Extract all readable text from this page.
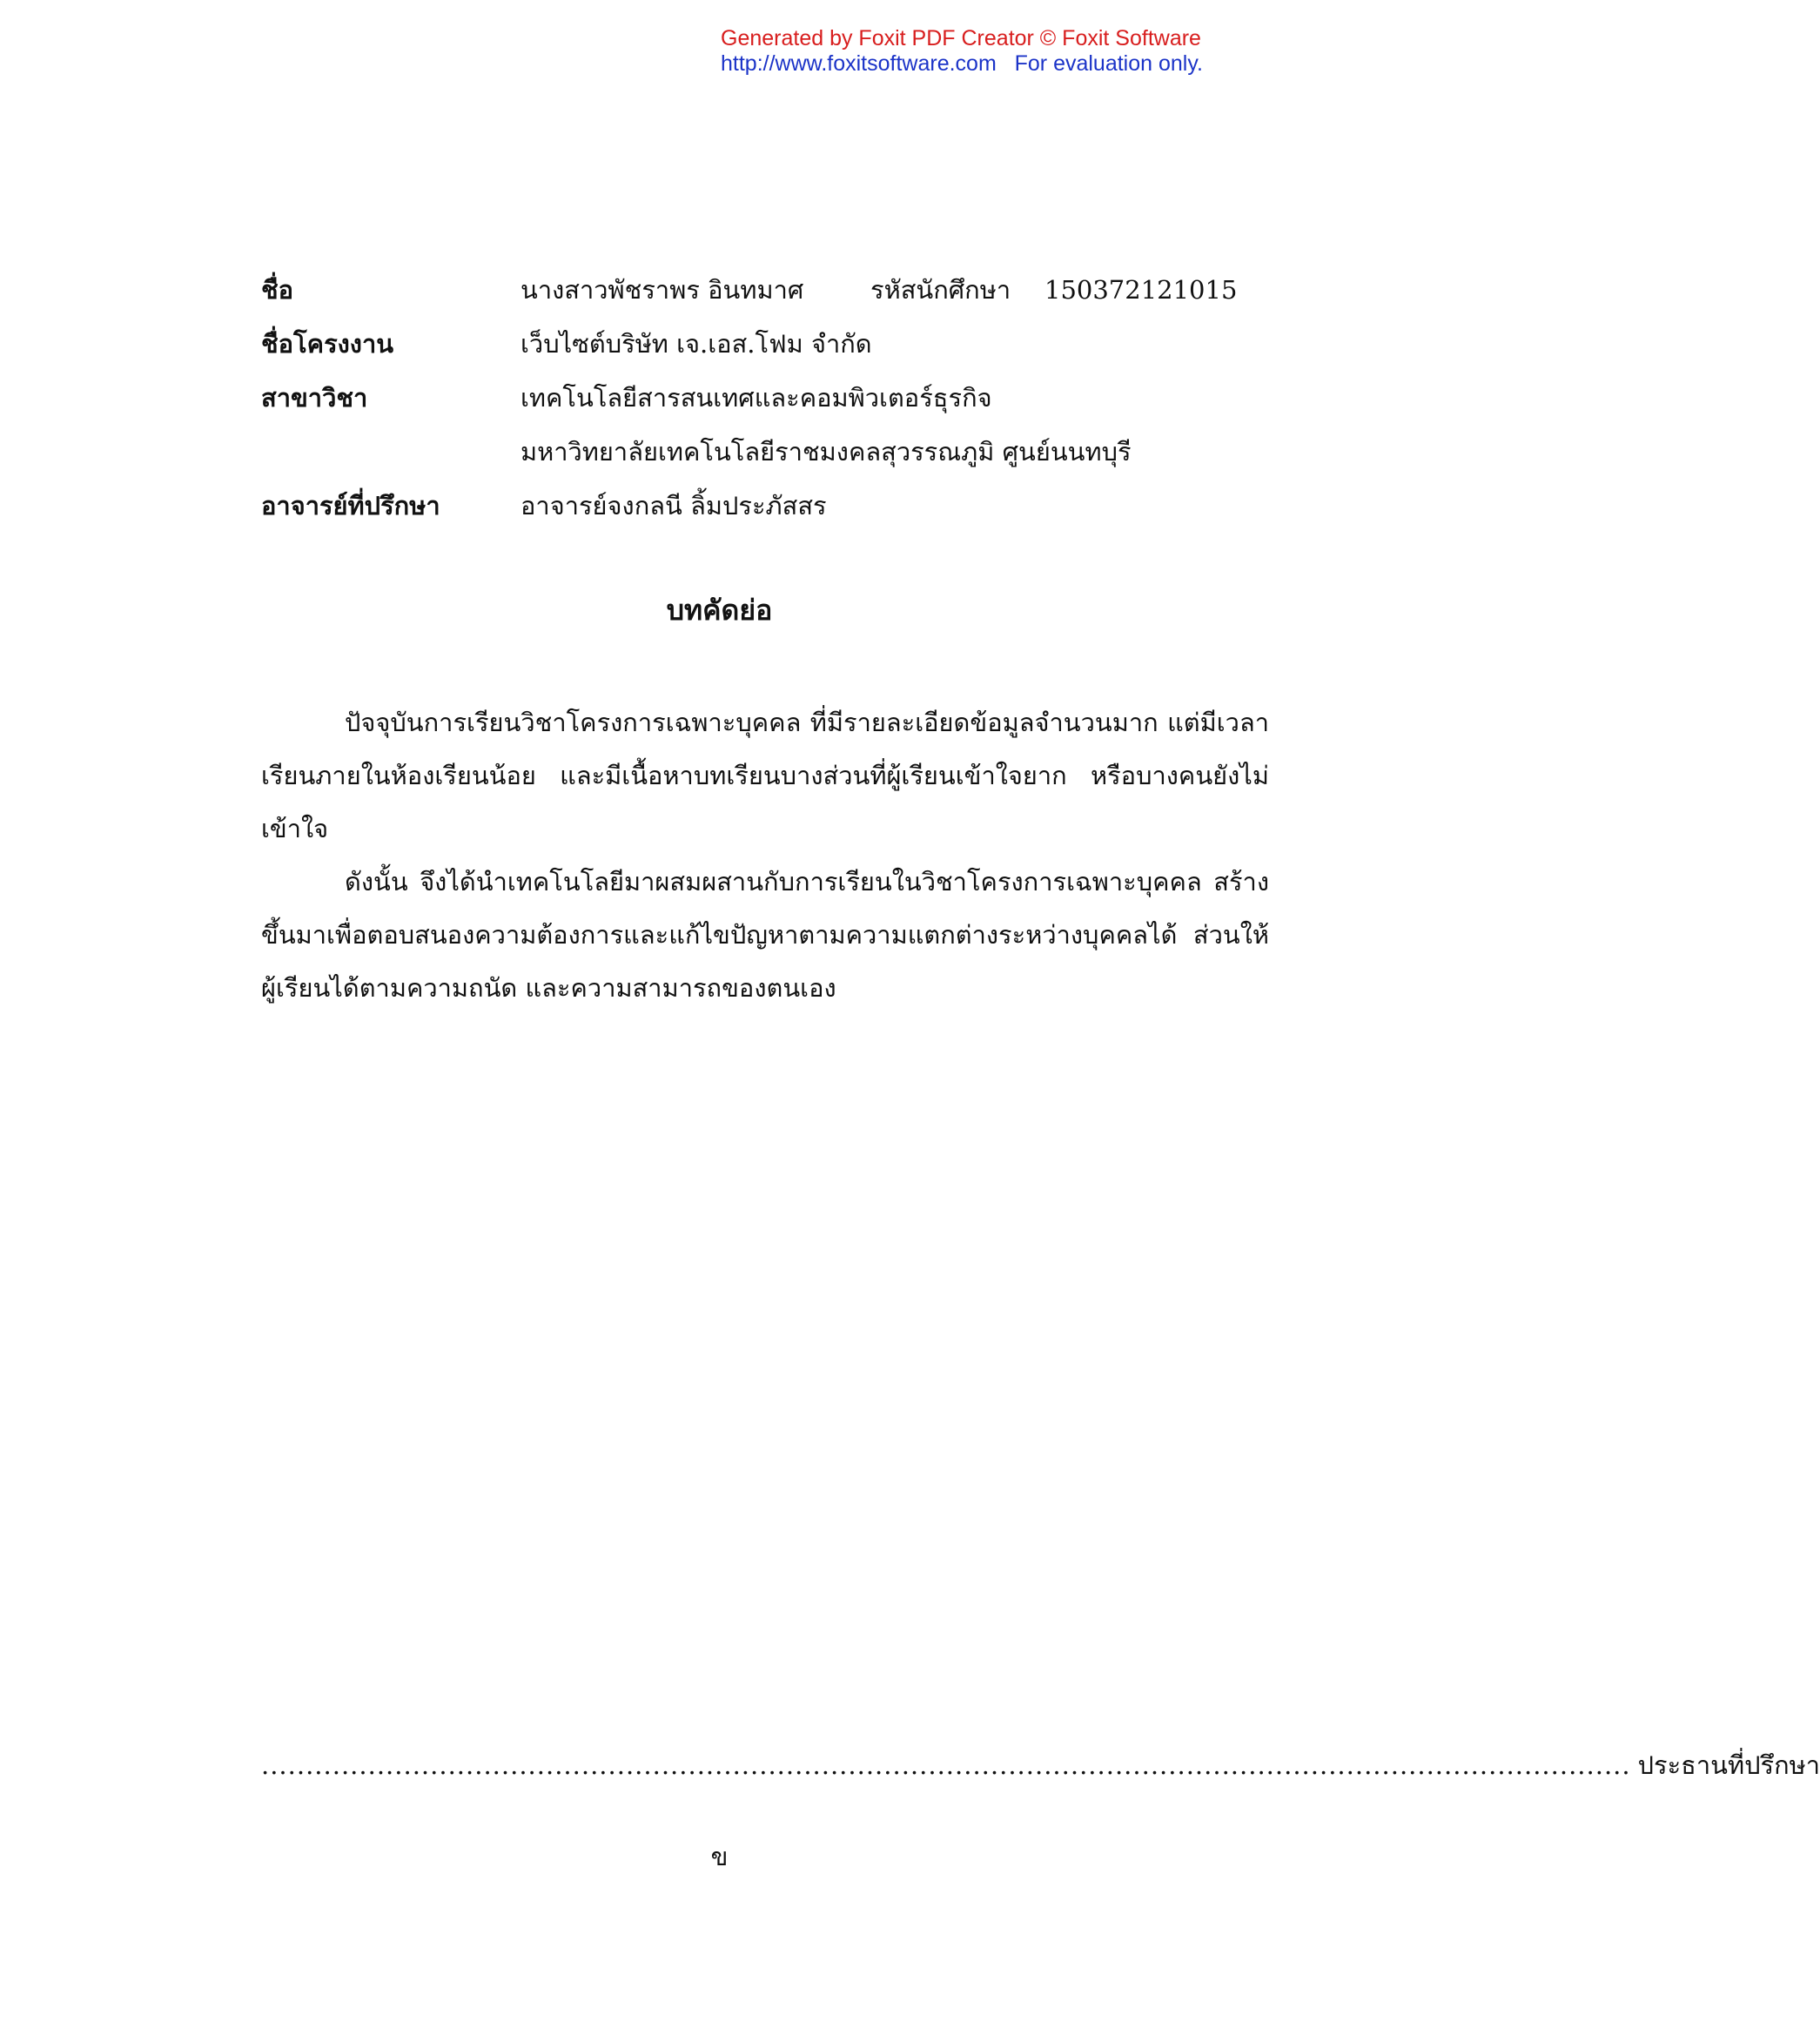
Generated by Foxit PDF Creator © Foxit Software
http://www.foxitsoftware.com For evaluation only.
ชื่อ	นางสาวพัชราพร อินทมาศ	รหัสนักศึกษา 150372121015
ชื่อโครงงาน	เว็บไซต์บริษัท เจ.เอส.โฟม จำกัด
สาขาวิชา	เทคโนโลยีสารสนเทศและคอมพิวเตอร์ธุรกิจ
มหาวิทยาลัยเทคโนโลยีราชมงคลสุวรรณภูมิ ศูนย์นนทบุรี
อาจารย์ที่ปรึกษา	อาจารย์จงกลนี ลิ้มประภัสสร
บทคัดย่อ

ปัจจุบันการเรียนวิชาโครงการเฉพาะบุคคล ที่มีรายละเอียดข้อมูลจำนวนมาก แต่มีเวลาเรียนภายในห้องเรียนน้อย และมีเนื้อหาบทเรียนบางส่วนที่ผู้เรียนเข้าใจยาก หรือบางคนยังไม่เข้าใจ

ดังนั้น จึงได้นำเทคโนโลยีมาผสมผสานกับการเรียนในวิชาโครงการเฉพาะบุคคล สร้างขึ้นมาเพื่อตอบสนองความต้องการและแก้ไขปัญหาตามความแตกต่างระหว่างบุคคลได้ ส่วนให้ผู้เรียนได้ตามความถนัด และความสามารถของตนเอง

.......................................................................................................................................................... ประธานที่ปรึกษา
ข
